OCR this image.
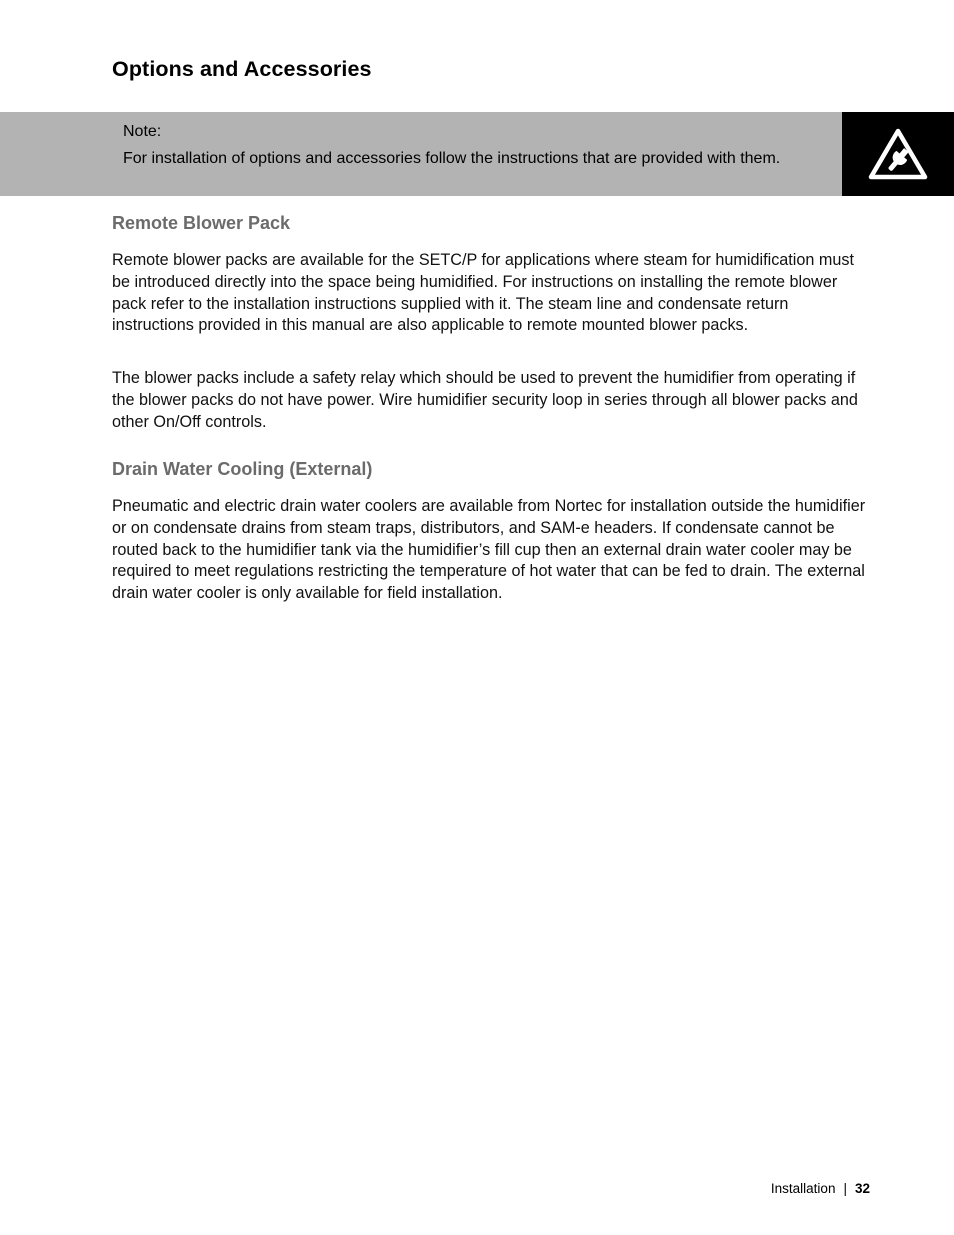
Options and Accessories
Note:
For installation of options and accessories follow the instructions that are provided with them.
Remote Blower Pack

Remote blower packs are available for the SETC/P for applications where steam for humidification must be introduced directly into the space being humidified. For instructions on installing the remote blower pack refer to the installation instructions supplied with it. The steam line and condensate return instructions provided in this manual are also applicable to remote mounted blower packs.

The blower packs include a safety relay which should be used to prevent the humidifier from operating if the blower packs do not have power. Wire humidifier security loop in series through all blower packs and other On/Off controls.

Drain Water Cooling (External)

Pneumatic and electric drain water coolers are available from Nortec for installation outside the humidifier or on condensate drains from steam traps, distributors, and SAM-e headers. If condensate cannot be routed back to the humidifier tank via the humidifier’s fill cup then an external drain water cooler may be required to meet regulations restricting the temperature of hot water that can be fed to drain. The external drain water cooler is only available for field installation.

Installation | 32
